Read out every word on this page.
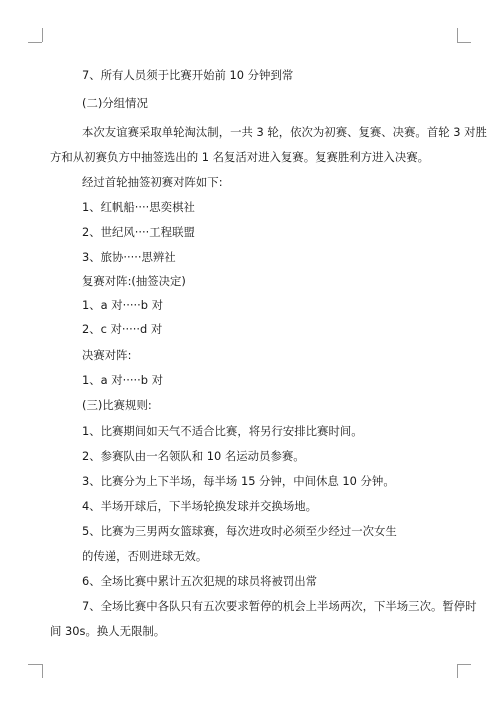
7、所有人员须于比赛开始前 10 分钟到常
(二)分组情况
本次友谊赛采取单轮淘汰制，一共 3 轮，依次为初赛、复赛、决赛。首轮 3 对胜
方和从初赛负方中抽签选出的 1 名复活对进入复赛。复赛胜利方进入决赛。
经过首轮抽签初赛对阵如下:
1、红帆船····思奕棋社
2、世纪风····工程联盟
3、旅协·····思辨社
复赛对阵:(抽签决定)
1、a 对·····b 对
2、c 对·····d 对
决赛对阵:
1、a 对·····b 对
(三)比赛规则:
1、比赛期间如天气不适合比赛，将另行安排比赛时间。
2、参赛队由一名领队和 10 名运动员参赛。
3、比赛分为上下半场，每半场 15 分钟，中间休息 10 分钟。
4、半场开球后，下半场轮换发球并交换场地。
5、比赛为三男两女篮球赛，每次进攻时必须至少经过一次女生
的传递，否则进球无效。
6、全场比赛中累计五次犯规的球员将被罚出常
7、全场比赛中各队只有五次要求暂停的机会上半场两次，下半场三次。暂停时
间 30s。换人无限制。
